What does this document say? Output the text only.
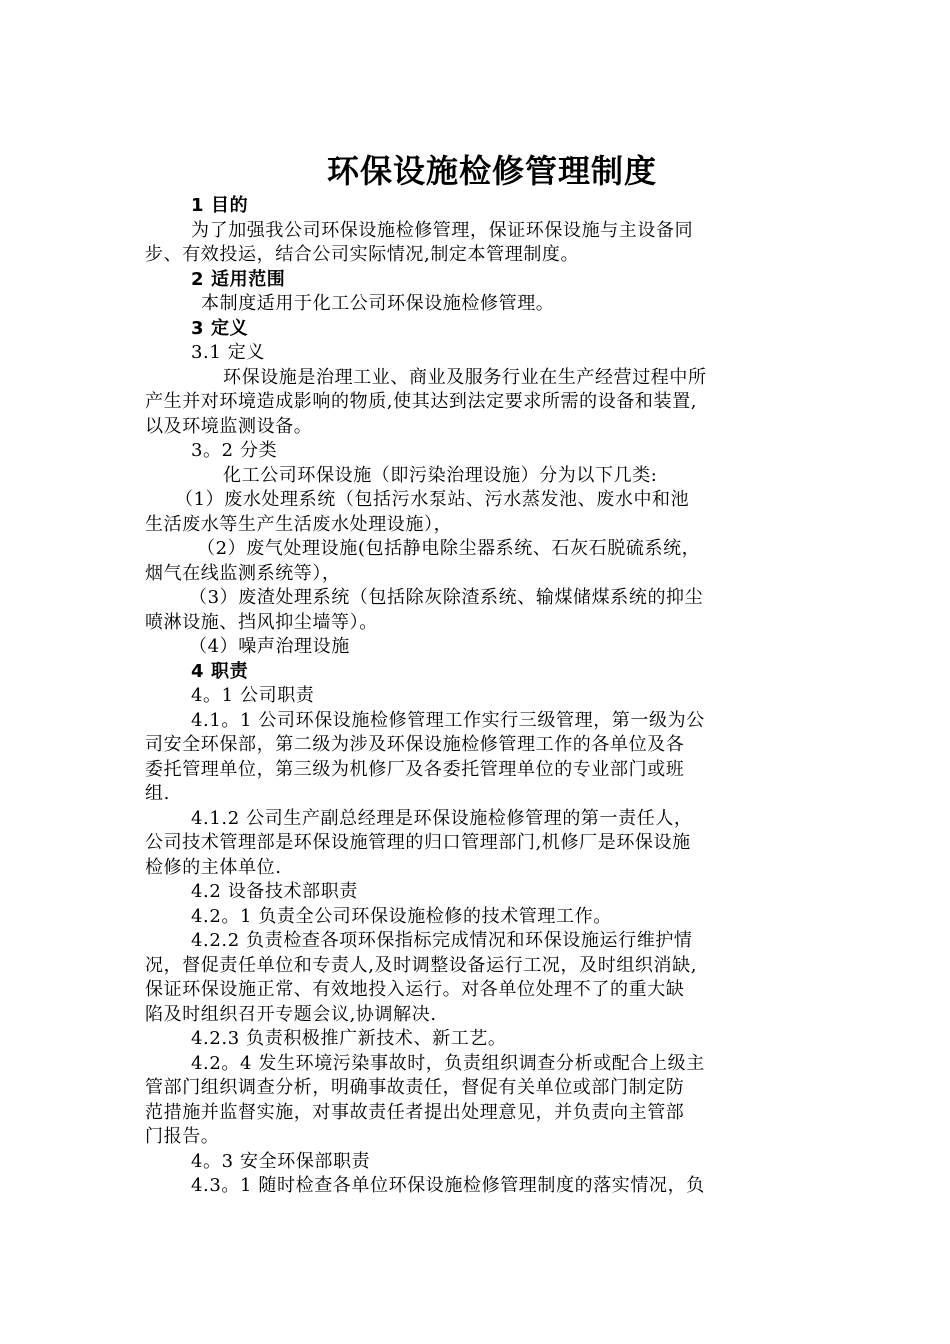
环保设施检修管理制度

1 目的

为了加强我公司环保设施检修管理，保证环保设施与主设备同

步、有效投运，结合公司实际情况,制定本管理制度。

2 适用范围

本制度适用于化工公司环保设施检修管理。

3 定义

3.1 定义

环保设施是治理工业、商业及服务行业在生产经营过程中所

产生并对环境造成影响的物质,使其达到法定要求所需的设备和装置,

以及环境监测设备。

3。2 分类

化工公司环保设施（即污染治理设施）分为以下几类:

（1）废水处理系统（包括污水泵站、污水蒸发池、废水中和池

生活废水等生产生活废水处理设施），

（2）废气处理设施(包括静电除尘器系统、石灰石脱硫系统，

烟气在线监测系统等），

（3）废渣处理系统（包括除灰除渣系统、输煤储煤系统的抑尘

喷淋设施、挡风抑尘墙等）。

（4）噪声治理设施

4 职责

4。1 公司职责

4.1。1 公司环保设施检修管理工作实行三级管理，第一级为公

司安全环保部，第二级为涉及环保设施检修管理工作的各单位及各

委托管理单位，第三级为机修厂及各委托管理单位的专业部门或班

组.

4.1.2 公司生产副总经理是环保设施检修管理的第一责任人，

公司技术管理部是环保设施管理的归口管理部门,机修厂是环保设施

检修的主体单位.

4.2 设备技术部职责

4.2。1 负责全公司环保设施检修的技术管理工作。

4.2.2 负责检查各项环保指标完成情况和环保设施运行维护情

况，督促责任单位和专责人,及时调整设备运行工况，及时组织消缺,

保证环保设施正常、有效地投入运行。对各单位处理不了的重大缺

陷及时组织召开专题会议,协调解决.

4.2.3 负责积极推广新技术、新工艺。

4.2。4 发生环境污染事故时，负责组织调查分析或配合上级主

管部门组织调查分析，明确事故责任，督促有关单位或部门制定防

范措施并监督实施，对事故责任者提出处理意见，并负责向主管部

门报告。

4。3 安全环保部职责

4.3。1 随时检查各单位环保设施检修管理制度的落实情况，负
